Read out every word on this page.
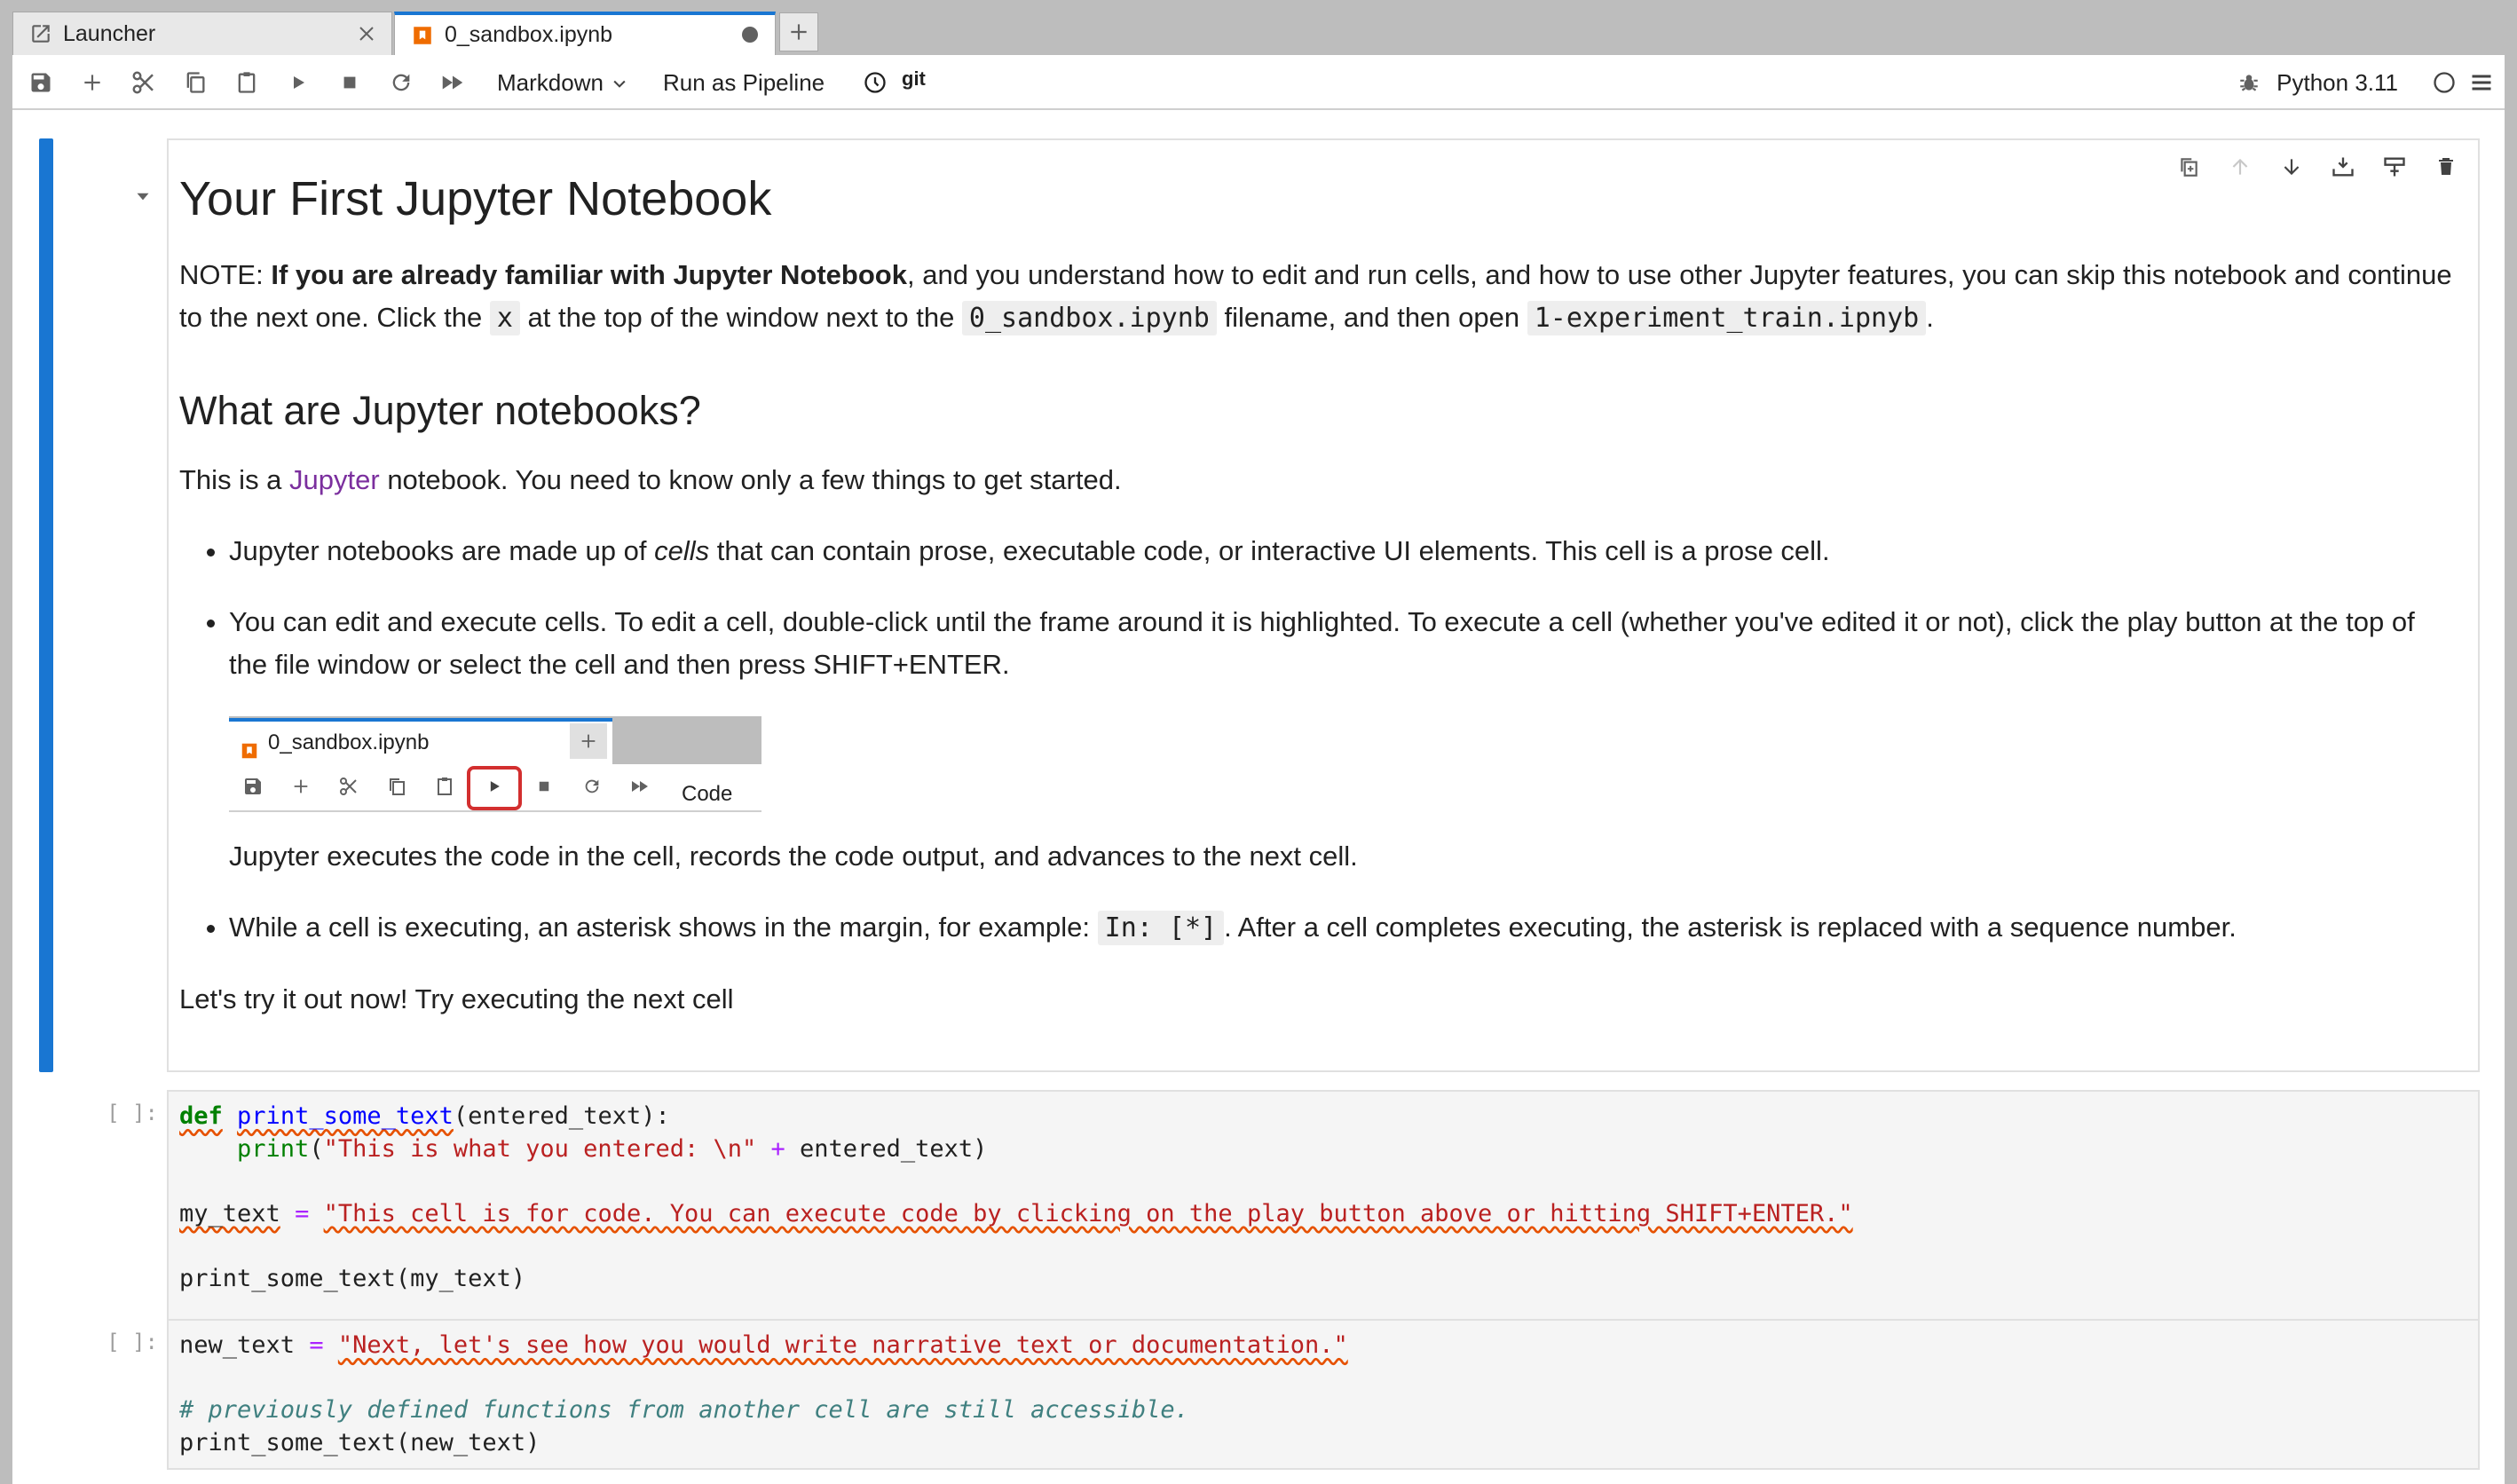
Launcher	0_sandbox.ipynb
Markdown	Run as Pipeline	git	Python 3.11
Your First Jupyter Notebook

NOTE: If you are already familiar with Jupyter Notebook, and you understand how to edit and run cells, and how to use other Jupyter features, you can skip this notebook and continue to the next one. Click the x at the top of the window next to the 0_sandbox.ipynb filename, and then open 1-experiment_train.ipnyb .

What are Jupyter notebooks?

This is a Jupyter notebook. You need to know only a few things to get started.

• Jupyter notebooks are made up of cells that can contain prose, executable code, or interactive UI elements. This cell is a prose cell.
• You can edit and execute cells. To edit a cell, double-click until the frame around it is highlighted. To execute a cell (whether you've edited it or not), click the play button at the top of the file window or select the cell and then press SHIFT+ENTER.
0_sandbox.ipynb
Code
Jupyter executes the code in the cell, records the code output, and advances to the next cell.
• While a cell is executing, an asterisk shows in the margin, for example: In: [*] . After a cell completes executing, the asterisk is replaced with a sequence number.

Let's try it out now! Try executing the next cell

[ ]: def print_some_text(entered_text):
print("This is what you entered: \n" + entered_text)

my_text = "This cell is for code. You can execute code by clicking on the play button above or hitting SHIFT+ENTER."

print_some_text(my_text)
[ ]: new_text = "Next, let's see how you would write narrative text or documentation."

# previously defined functions from another cell are still accessible.
print_some_text(new_text)
